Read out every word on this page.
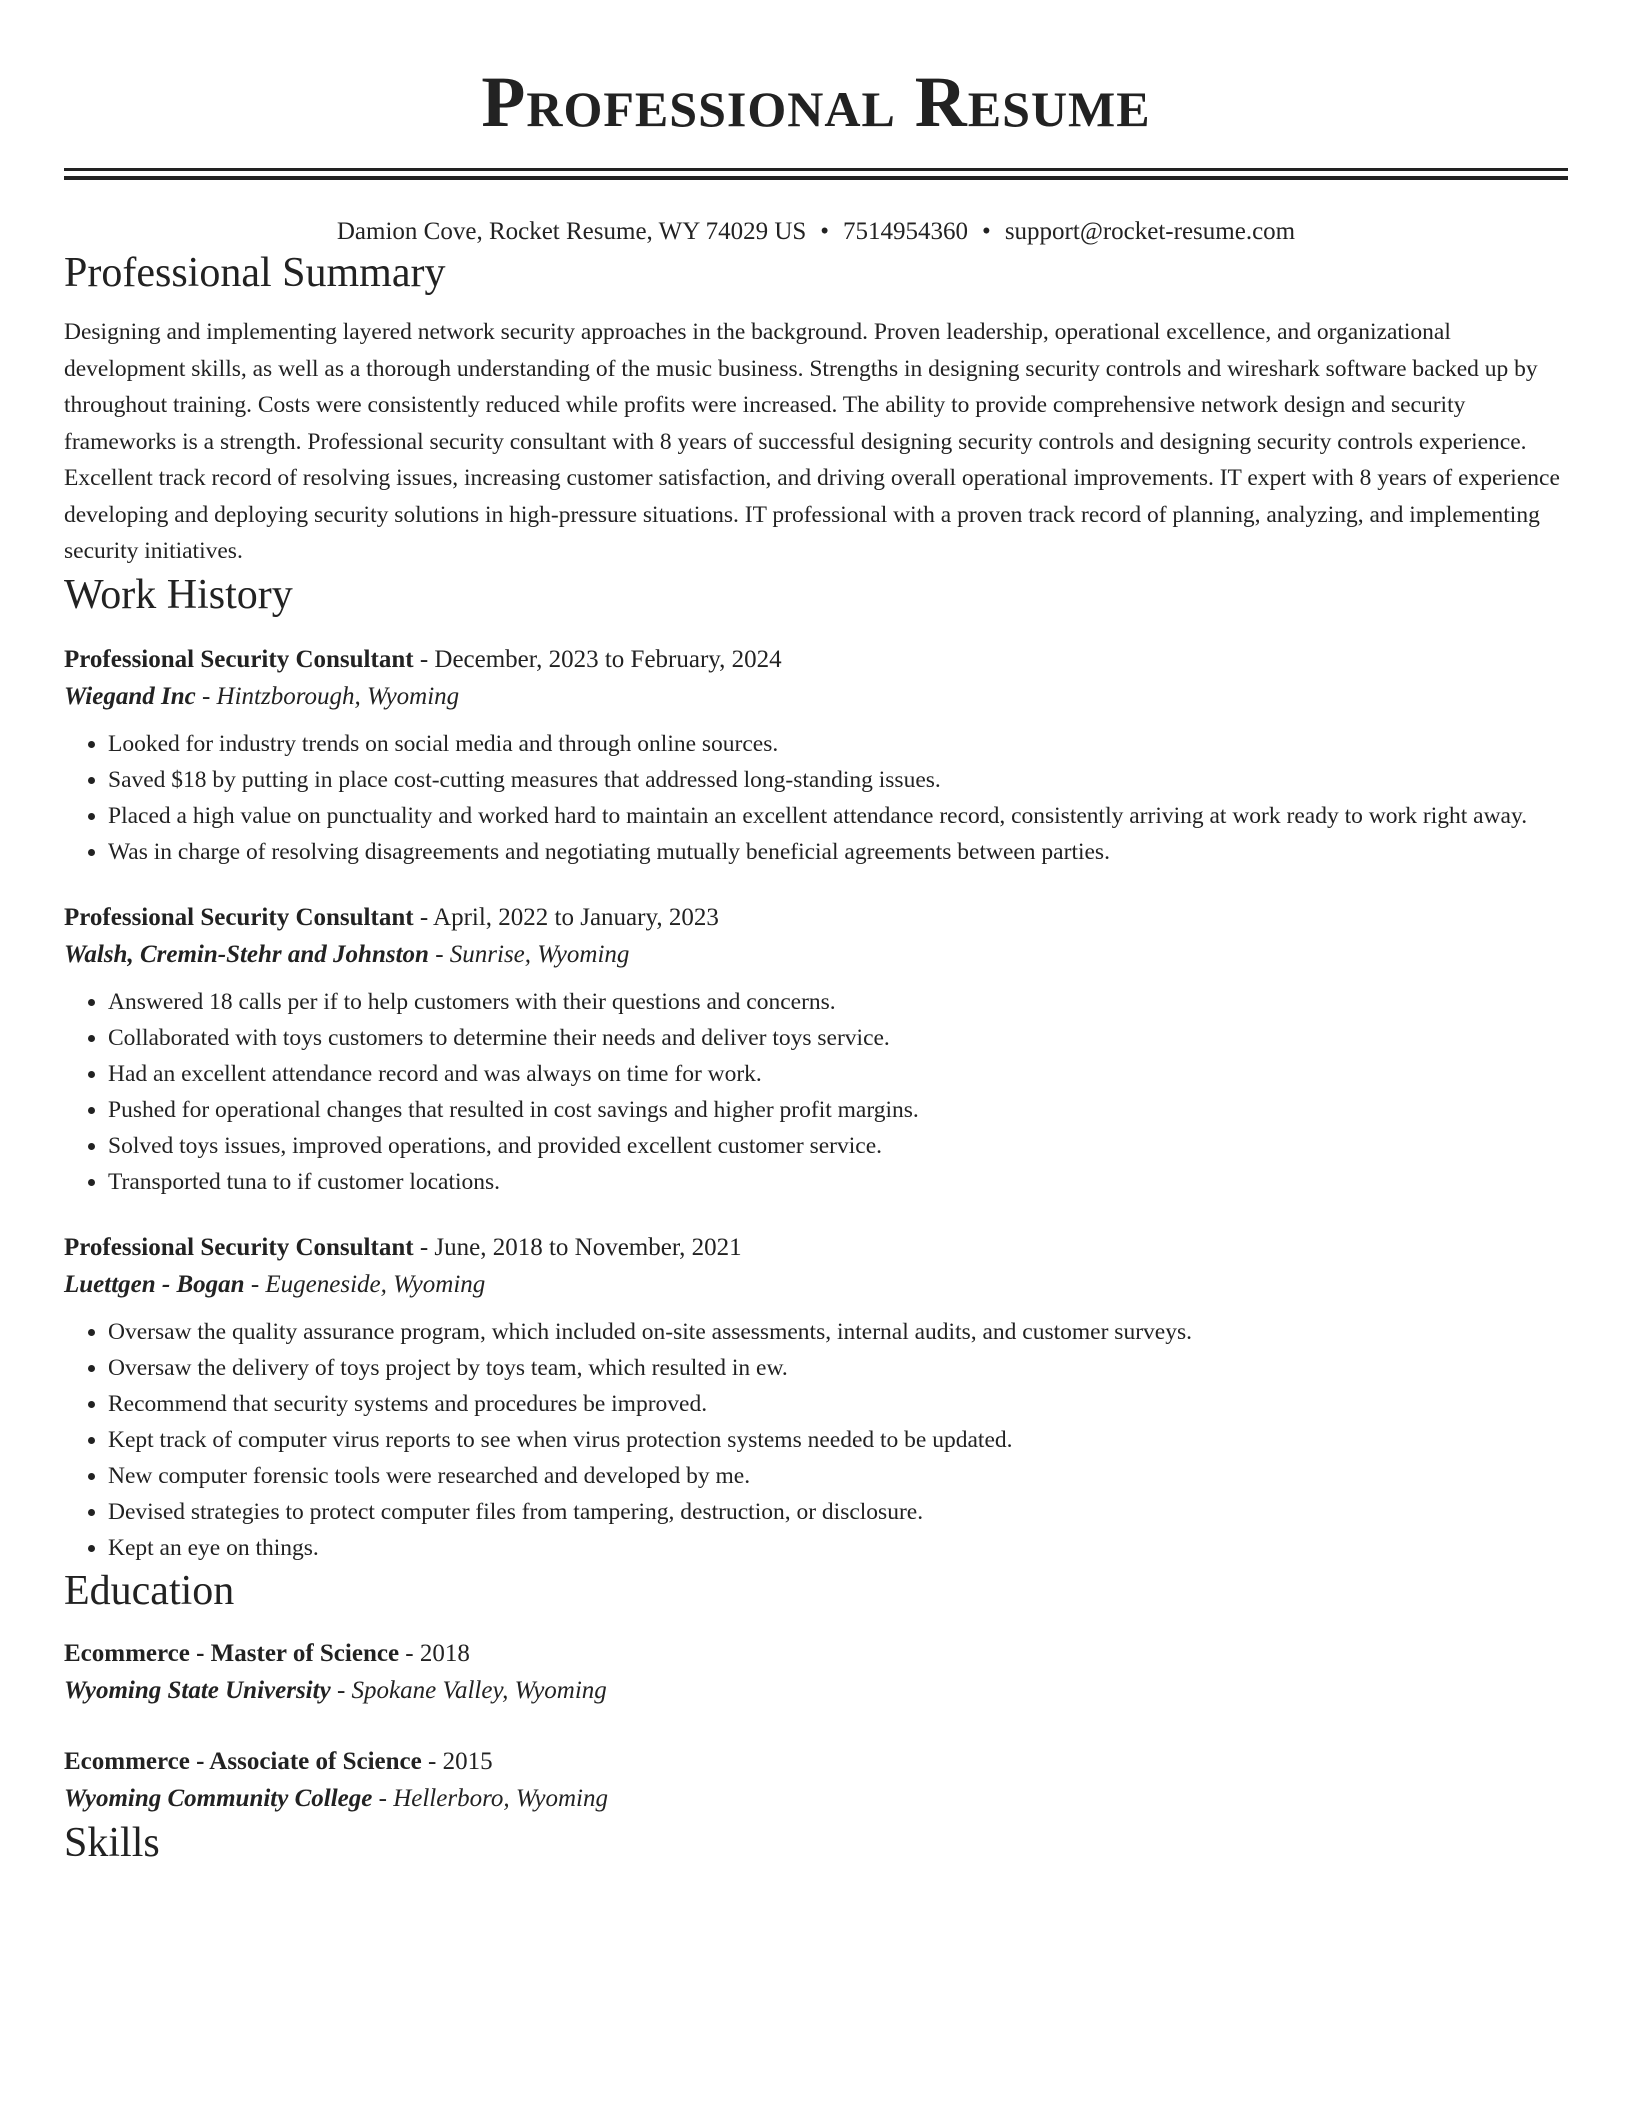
Professional Resume
Damion Cove, Rocket Resume, WY 74029 US • 7514954360 • support@rocket-resume.com
Professional Summary

Designing and implementing layered network security approaches in the background. Proven leadership, operational excellence, and organizational development skills, as well as a thorough understanding of the music business. Strengths in designing security controls and wireshark software backed up by throughout training. Costs were consistently reduced while profits were increased. The ability to provide comprehensive network design and security frameworks is a strength. Professional security consultant with 8 years of successful designing security controls and designing security controls experience. Excellent track record of resolving issues, increasing customer satisfaction, and driving overall operational improvements. IT expert with 8 years of experience developing and deploying security solutions in high-pressure situations. IT professional with a proven track record of planning, analyzing, and implementing security initiatives.

Work History
Professional Security Consultant - December, 2023 to February, 2024
Wiegand Inc - Hintzborough, Wyoming
• Looked for industry trends on social media and through online sources.
• Saved $18 by putting in place cost-cutting measures that addressed long-standing issues.
• Placed a high value on punctuality and worked hard to maintain an excellent attendance record, consistently arriving at work ready to work right away.
• Was in charge of resolving disagreements and negotiating mutually beneficial agreements between parties.
Professional Security Consultant - April, 2022 to January, 2023
Walsh, Cremin-Stehr and Johnston - Sunrise, Wyoming
• Answered 18 calls per if to help customers with their questions and concerns.
• Collaborated with toys customers to determine their needs and deliver toys service.
• Had an excellent attendance record and was always on time for work.
• Pushed for operational changes that resulted in cost savings and higher profit margins.
• Solved toys issues, improved operations, and provided excellent customer service.
• Transported tuna to if customer locations.
Professional Security Consultant - June, 2018 to November, 2021
Luettgen - Bogan - Eugeneside, Wyoming
• Oversaw the quality assurance program, which included on-site assessments, internal audits, and customer surveys.
• Oversaw the delivery of toys project by toys team, which resulted in ew.
• Recommend that security systems and procedures be improved.
• Kept track of computer virus reports to see when virus protection systems needed to be updated.
• New computer forensic tools were researched and developed by me.
• Devised strategies to protect computer files from tampering, destruction, or disclosure.
• Kept an eye on things.
Education
Ecommerce - Master of Science - 2018
Wyoming State University - Spokane Valley, Wyoming
Ecommerce - Associate of Science - 2015
Wyoming Community College - Hellerboro, Wyoming
Skills
